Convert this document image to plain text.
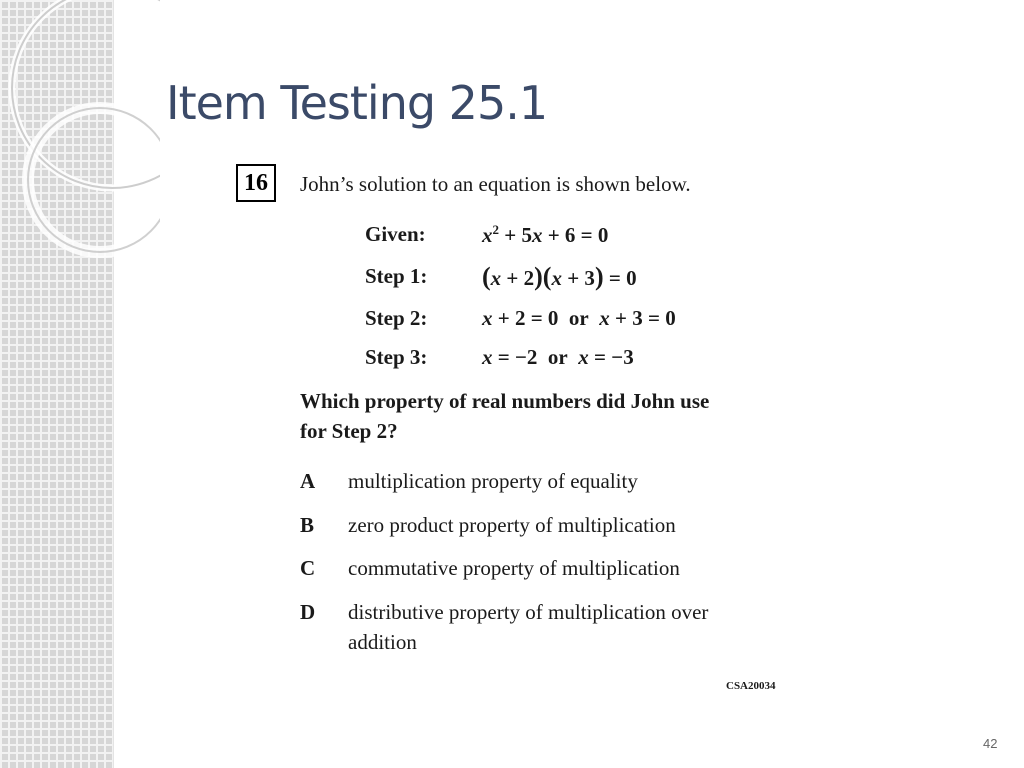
Item Testing 25.1
16	John’s solution to an equation is shown below.
Given:	$x^2 + 5x + 6 = 0$
Step 1: (x + 2)(x + 3) = 0
Step 2:	x + 2 = 0  or  x + 3 = 0
Step 3:	x = −2  or  x = −3
Which property of real numbers did John use
for Step 2?
A multiplication property of equality
B zero product property of multiplication
C commutative property of multiplication
D distributive property of multiplication over
addition
CSA20034
42
